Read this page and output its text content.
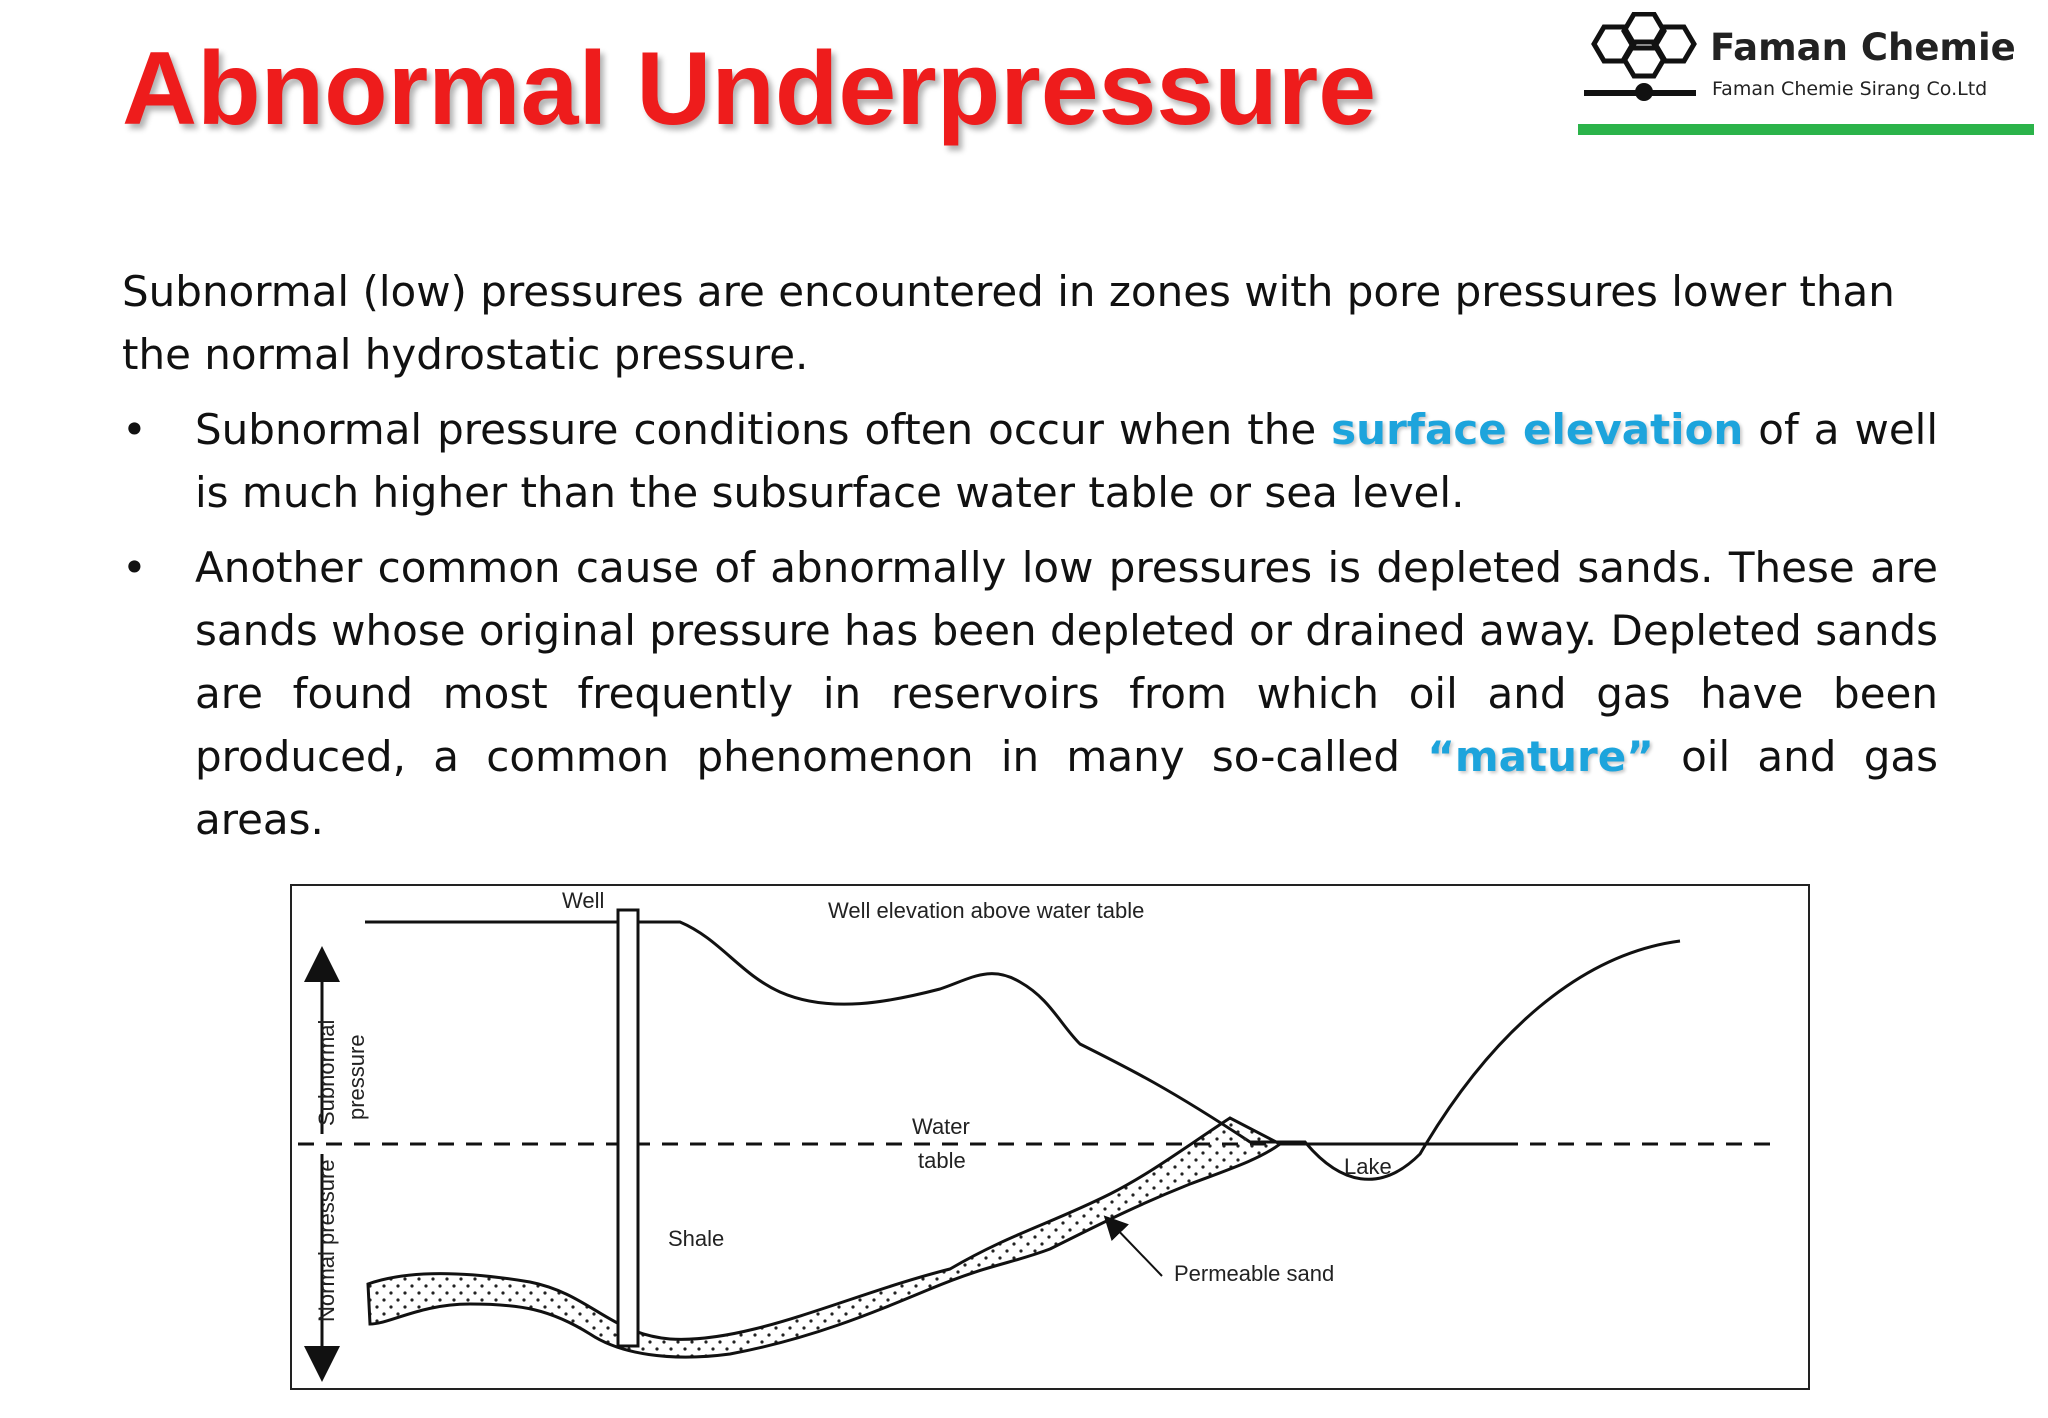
Abnormal Underpressure	Faman Chemie
Faman Chemie Sirang Co.Ltd

Subnormal (low) pressures are encountered in zones with pore pressures lower than the normal hydrostatic pressure.

• Subnormal pressure conditions often occur when the surface elevation of a well is much higher than the subsurface water table or sea level.

• Another common cause of abnormally low pressures is depleted sands. These are sands whose original pressure has been depleted or drained away. Depleted sands are found most frequently in reservoirs from which oil and gas have been produced, a common phenomenon in many so-called “mature” oil and gas areas.

Well	Well elevation above water table
Water
table	Lake
Shale
Permeable sand
Subnormal pressure
Normal pressure
